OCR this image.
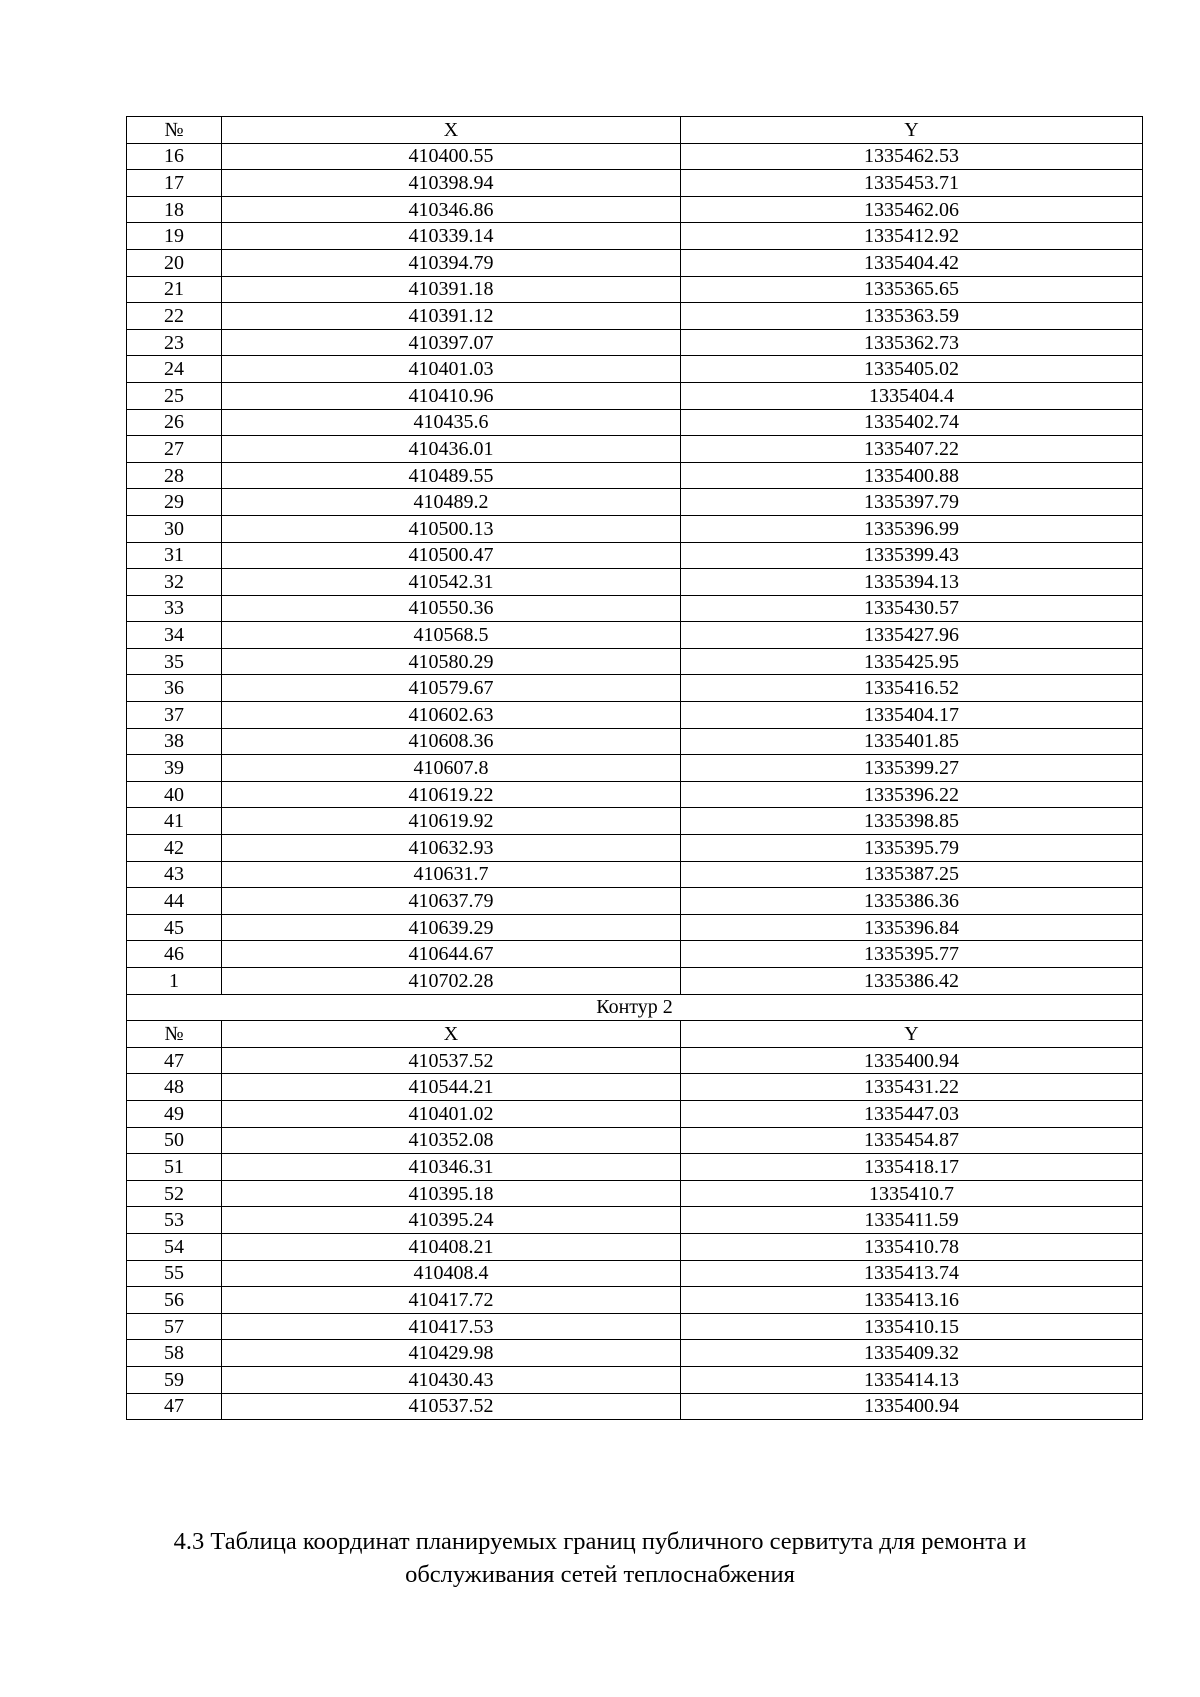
№	X	Y
16	410400.55	1335462.53
17	410398.94	1335453.71
18	410346.86	1335462.06
19	410339.14	1335412.92
20	410394.79	1335404.42
21	410391.18	1335365.65
22	410391.12	1335363.59
23	410397.07	1335362.73
24	410401.03	1335405.02
25	410410.96	1335404.4
26	410435.6	1335402.74
27	410436.01	1335407.22
28	410489.55	1335400.88
29	410489.2	1335397.79
30	410500.13	1335396.99
31	410500.47	1335399.43
32	410542.31	1335394.13
33	410550.36	1335430.57
34	410568.5	1335427.96
35	410580.29	1335425.95
36	410579.67	1335416.52
37	410602.63	1335404.17
38	410608.36	1335401.85
39	410607.8	1335399.27
40	410619.22	1335396.22
41	410619.92	1335398.85
42	410632.93	1335395.79
43	410631.7	1335387.25
44	410637.79	1335386.36
45	410639.29	1335396.84
46	410644.67	1335395.77
1	410702.28	1335386.42
Контур 2		
№	X	Y
47	410537.52	1335400.94
48	410544.21	1335431.22
49	410401.02	1335447.03
50	410352.08	1335454.87
51	410346.31	1335418.17
52	410395.18	1335410.7
53	410395.24	1335411.59
54	410408.21	1335410.78
55	410408.4	1335413.74
56	410417.72	1335413.16
57	410417.53	1335410.15
58	410429.98	1335409.32
59	410430.43	1335414.13
47	410537.52	1335400.94
4.3 Таблица координат планируемых границ публичного сервитута для ремонта и
обслуживания сетей теплоснабжения
